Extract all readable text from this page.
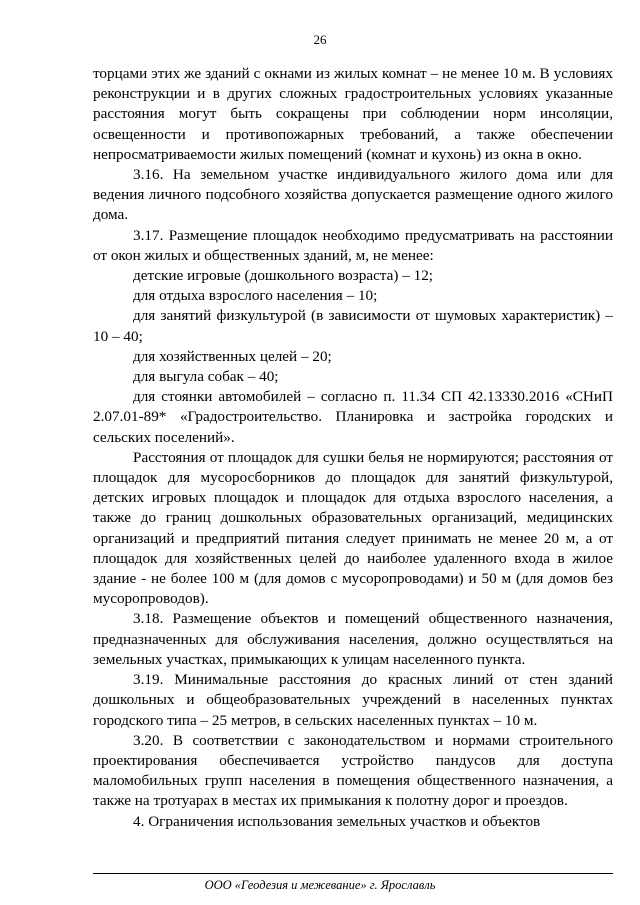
26

торцами этих же зданий с окнами из жилых комнат – не менее 10 м. В условиях реконструкции и в других сложных градостроительных условиях указанные расстояния могут быть сокращены при соблюдении норм инсоляции, освещенности и противопожарных требований, а также обеспечении непросматриваемости жилых помещений (комнат и кухонь) из окна в окно.

3.16. На земельном участке индивидуального жилого дома или для ведения личного подсобного хозяйства допускается размещение одного жилого дома.

3.17. Размещение площадок необходимо предусматривать на расстоянии от окон жилых и общественных зданий, м, не менее:

детские игровые (дошкольного возраста) – 12;

для отдыха взрослого населения – 10;

для занятий физкультурой (в зависимости от шумовых характеристик) – 10 – 40;

для хозяйственных целей – 20;

для выгула собак – 40;

для стоянки автомобилей – согласно п. 11.34 СП 42.13330.2016 «СНиП 2.07.01-89* «Градостроительство. Планировка и застройка городских и сельских поселений».

Расстояния от площадок для сушки белья не нормируются; расстояния от площадок для мусоросборников до площадок для занятий физкультурой, детских игровых площадок и площадок для отдыха взрослого населения, а также до границ дошкольных образовательных организаций, медицинских организаций и предприятий питания следует принимать не менее 20 м, а от площадок для хозяйственных целей до наиболее удаленного входа в жилое здание - не более 100 м (для домов с мусоропроводами) и 50 м (для домов без мусоропроводов).

3.18. Размещение объектов и помещений общественного назначения, предназначенных для обслуживания населения, должно осуществляться на земельных участках, примыкающих к улицам населенного пункта.

3.19. Минимальные расстояния до красных линий от стен зданий дошкольных и общеобразовательных учреждений в населенных пунктах городского типа – 25 метров, в сельских населенных пунктах – 10 м.

3.20. В соответствии с законодательством и нормами строительного проектирования обеспечивается устройство пандусов для доступа маломобильных групп населения в помещения общественного назначения, а также на тротуарах в местах их примыкания к полотну дорог и проездов.

4. Ограничения использования земельных участков и объектов

ООО «Геодезия и межевание» г. Ярославль
